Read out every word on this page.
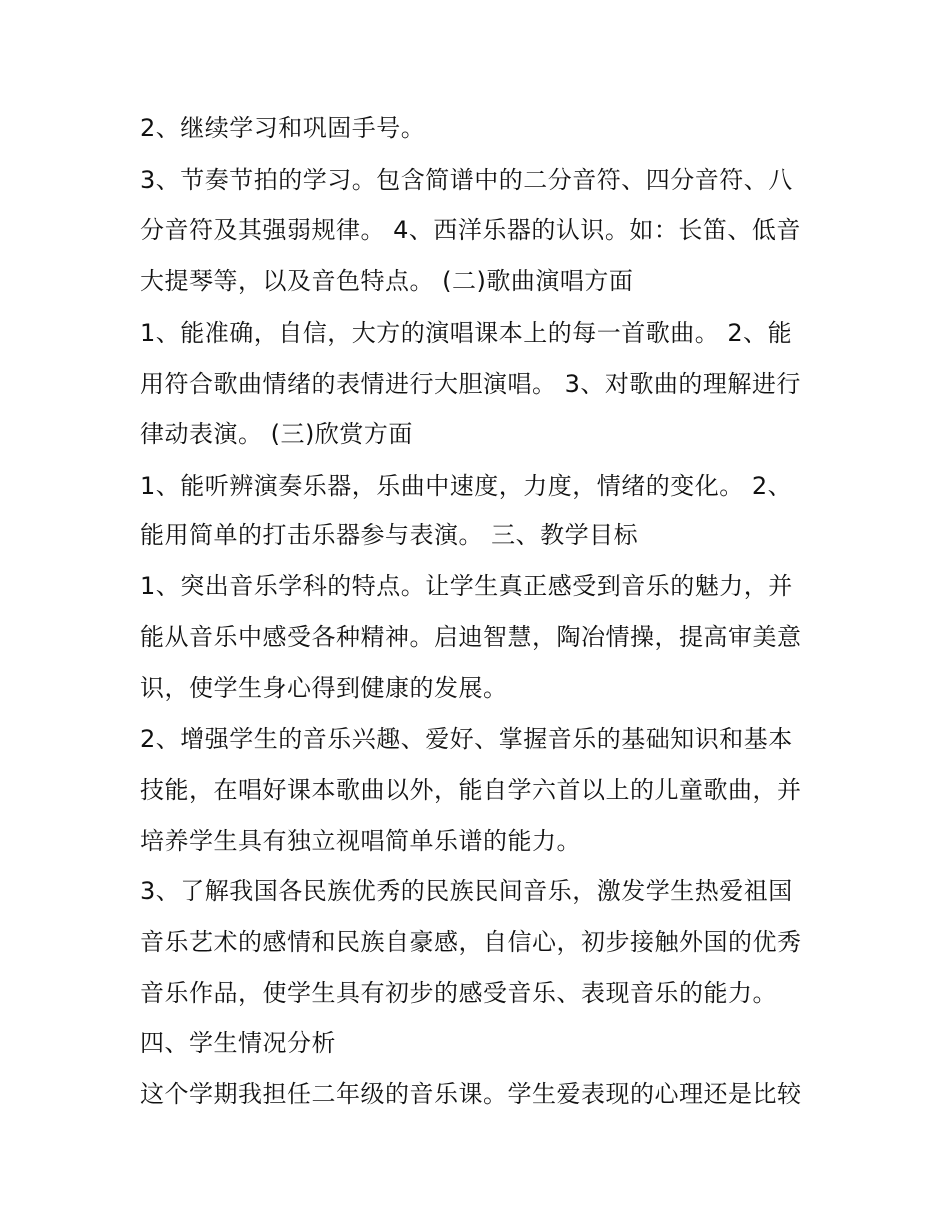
2、继续学习和巩固手号。
3、节奏节拍的学习。包含简谱中的二分音符、四分音符、八
分音符及其强弱规律。 4、西洋乐器的认识。如：长笛、低音
大提琴等，以及音色特点。 (二)歌曲演唱方面
1、能准确，自信，大方的演唱课本上的每一首歌曲。 2、能
用符合歌曲情绪的表情进行大胆演唱。 3、对歌曲的理解进行
律动表演。 (三)欣赏方面
1、能听辨演奏乐器，乐曲中速度，力度，情绪的变化。 2、
能用简单的打击乐器参与表演。 三、教学目标
1、突出音乐学科的特点。让学生真正感受到音乐的魅力，并
能从音乐中感受各种精神。启迪智慧，陶冶情操，提高审美意
识，使学生身心得到健康的发展。
2、增强学生的音乐兴趣、爱好、掌握音乐的基础知识和基本
技能，在唱好课本歌曲以外，能自学六首以上的儿童歌曲，并
培养学生具有独立视唱简单乐谱的能力。
3、了解我国各民族优秀的民族民间音乐，激发学生热爱祖国
音乐艺术的感情和民族自豪感，自信心，初步接触外国的优秀
音乐作品，使学生具有初步的感受音乐、表现音乐的能力。
四、学生情况分析
这个学期我担任二年级的音乐课。学生爱表现的心理还是比较
